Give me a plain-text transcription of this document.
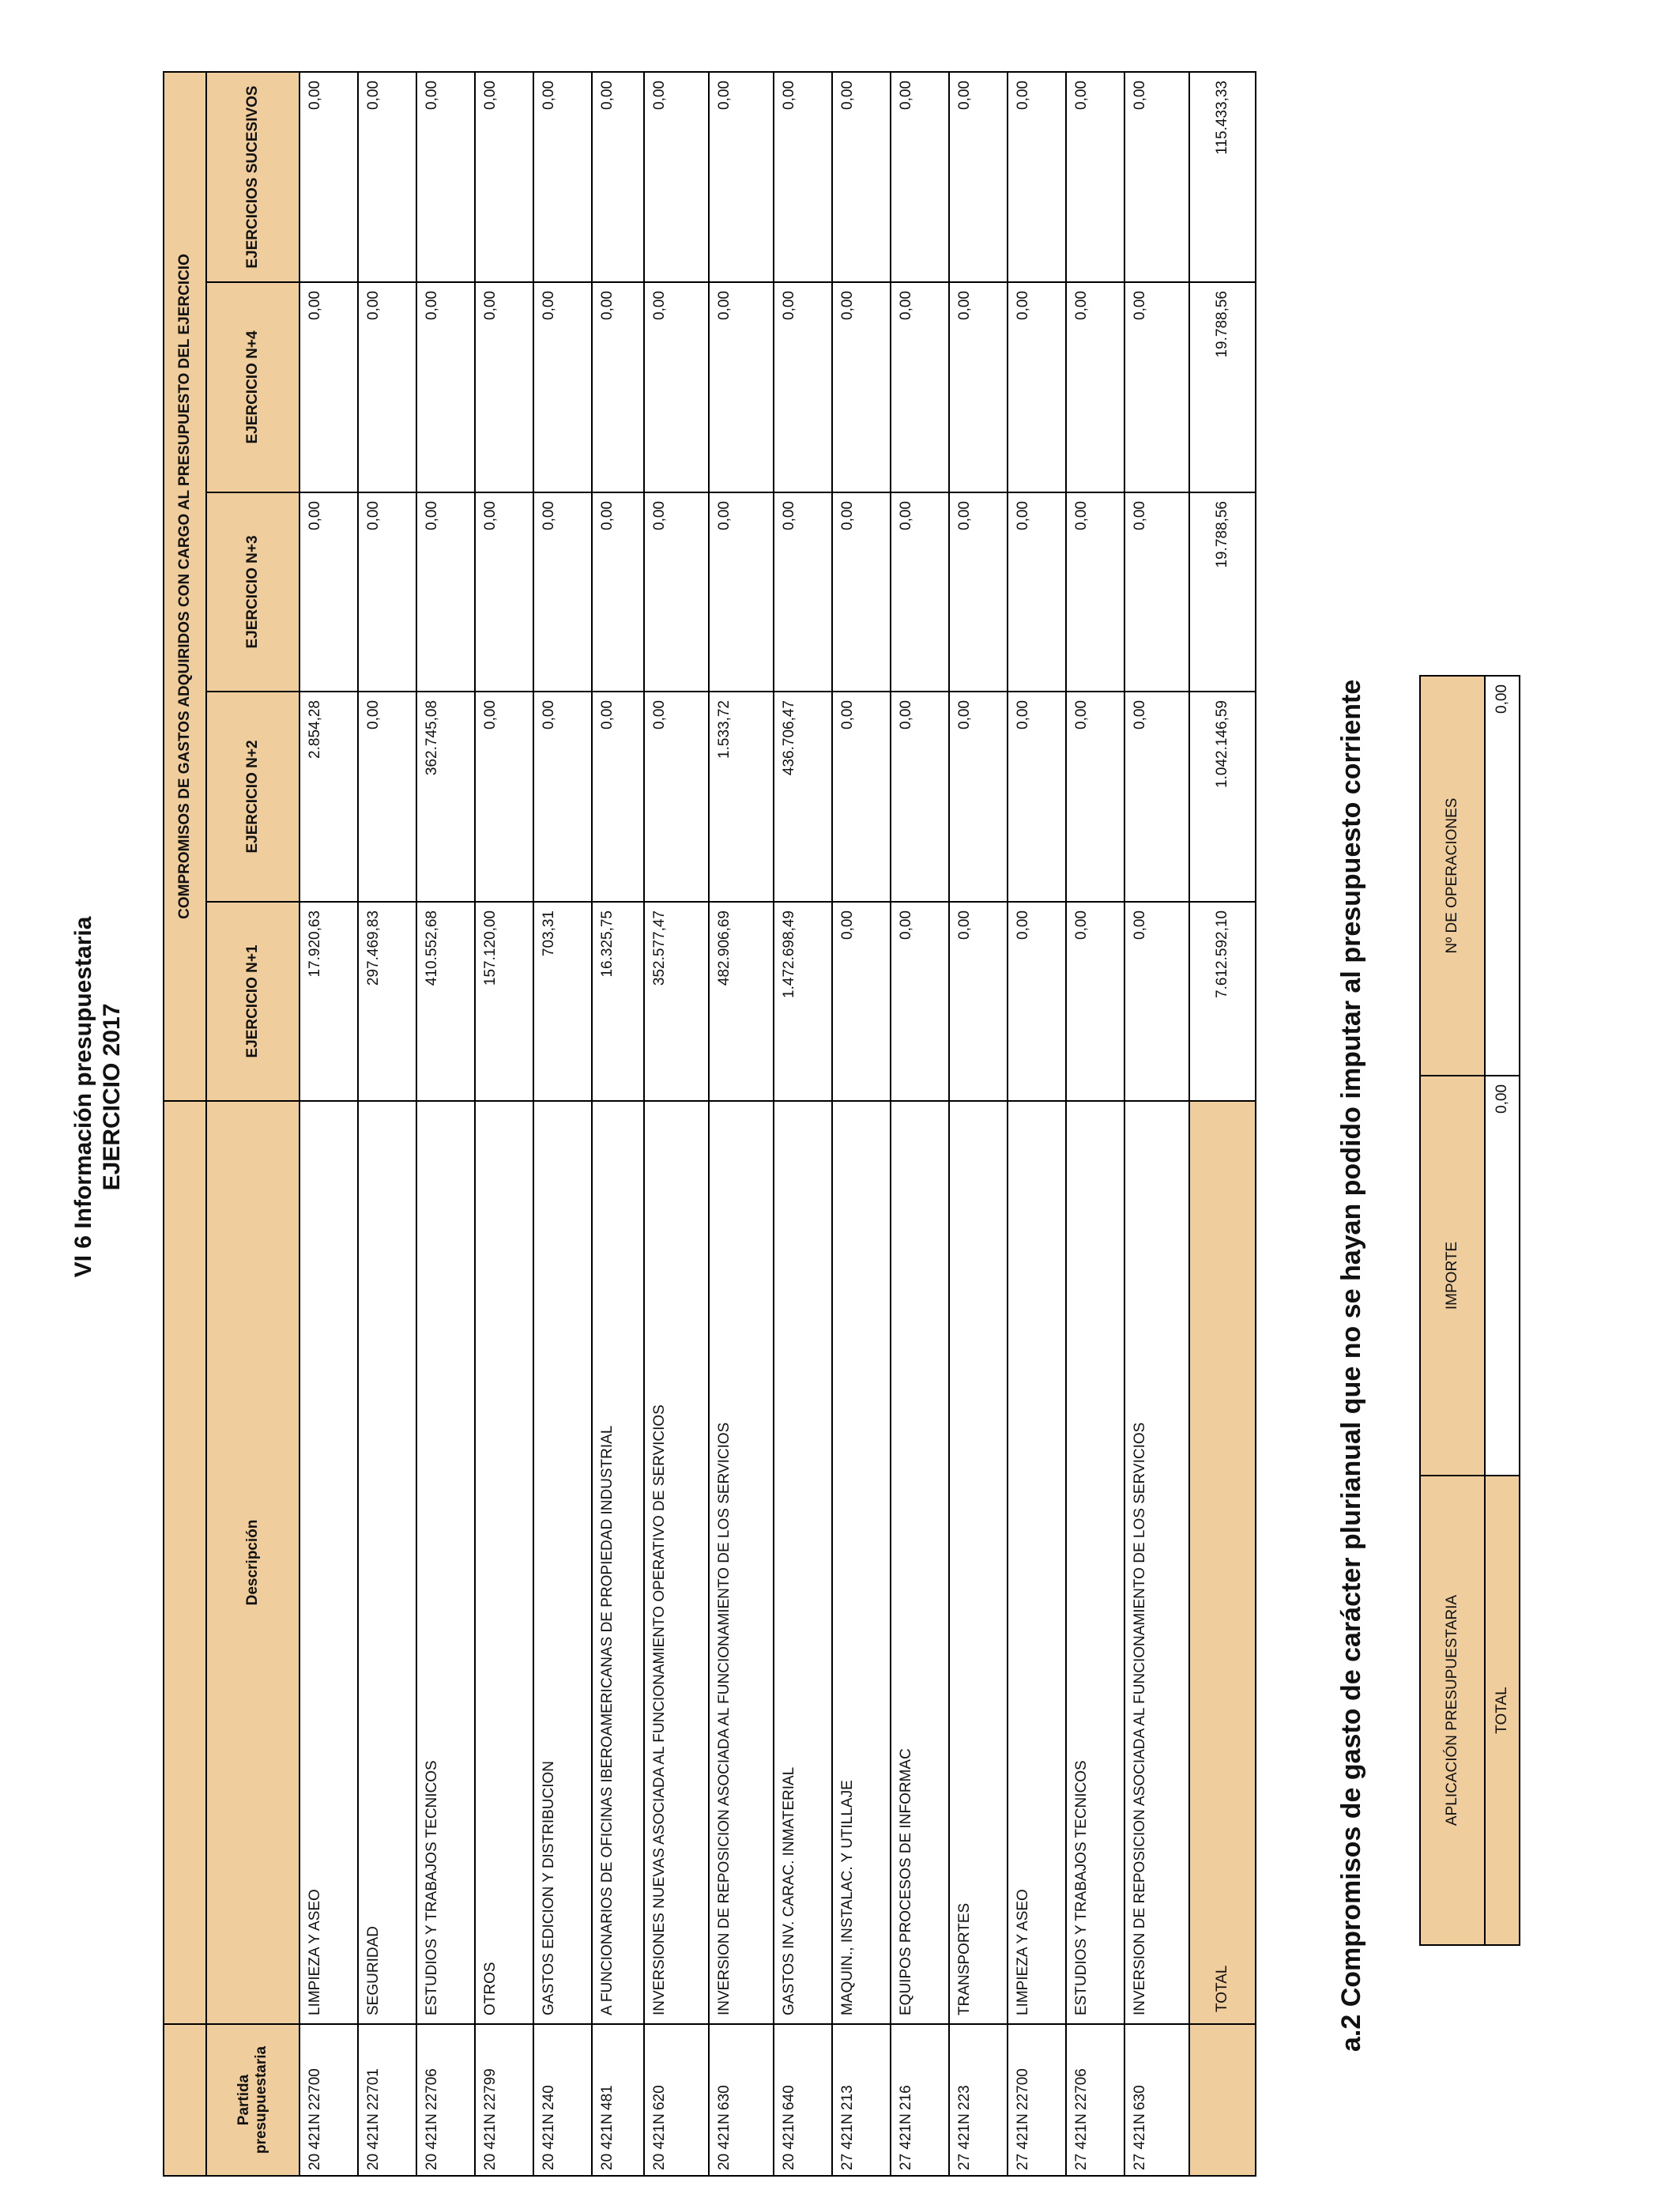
VI 6 Información presupuestaria EJERCICIO 2017
		COMPROMISOS DE GASTOS ADQUIRIDOS CON CARGO AL PRESUPUESTO DEL EJERCICIO				
Partida presupuestaria	Descripción	EJERCICIO N+1	EJERCICIO N+2	EJERCICIO N+3	EJERCICIO N+4	EJERCICIOS SUCESIVOS
20 421N22700	LIMPIEZA Y ASEO	17.920,63	2.854,28	0,00	0,00	0,00
20 421N22701	SEGURIDAD	297.469,83	0,00	0,00	0,00	0,00
20 421N22706	ESTUDIOS Y TRABAJOS TECNICOS	410.552,68	362.745,08	0,00	0,00	0,00
20 421N22799	OTROS	157.120,00	0,00	0,00	0,00	0,00
20 421N240	GASTOS EDICION Y DISTRIBUCION	703,31	0,00	0,00	0,00	0,00
20 421N481	A FUNCIONARIOS DE OFICINAS IBEROAMERICANAS DE PROPIEDAD INDUSTRIAL	16.325,75	0,00	0,00	0,00	0,00
20 421N620	INVERSIONES NUEVAS ASOCIADA AL FUNCIONAMIENTO OPERATIVO DE SERVICIOS	352.577,47	0,00	0,00	0,00	0,00
20 421N630	INVERSION DE REPOSICION ASOCIADA AL FUNCIONAMIENTO DE LOS SERVICIOS	482.906,69	1.533,72	0,00	0,00	0,00
20 421N640	GASTOS INV. CARAC. INMATERIAL	1.472.698,49	436.706,47	0,00	0,00	0,00
27 421N213	MAQUIN., INSTALAC. Y UTILLAJE	0,00	0,00	0,00	0,00	0,00
27 421N216	EQUIPOS PROCESOS DE INFORMAC	0,00	0,00	0,00	0,00	0,00
27 421N223	TRANSPORTES	0,00	0,00	0,00	0,00	0,00
27 421N22700	LIMPIEZA Y ASEO	0,00	0,00	0,00	0,00	0,00
27 421N22706	ESTUDIOS Y TRABAJOS TECNICOS	0,00	0,00	0,00	0,00	0,00
27 421N630	INVERSION DE REPOSICION ASOCIADA AL FUNCIONAMIENTO DE LOS SERVICIOS	0,00	0,00	0,00	0,00	0,00
	TOTAL	7.612.592,10	1.042.146,59	19.788,56	19.788,56	115.433,33
a.2 Compromisos de gasto de carácter plurianual que no se hayan podido imputar al presupuesto corriente	APLICACIÓN PRESUPUESTARIA	IMPORTE	Nº DE OPERACIONES
TOTAL	0,00	0,00
